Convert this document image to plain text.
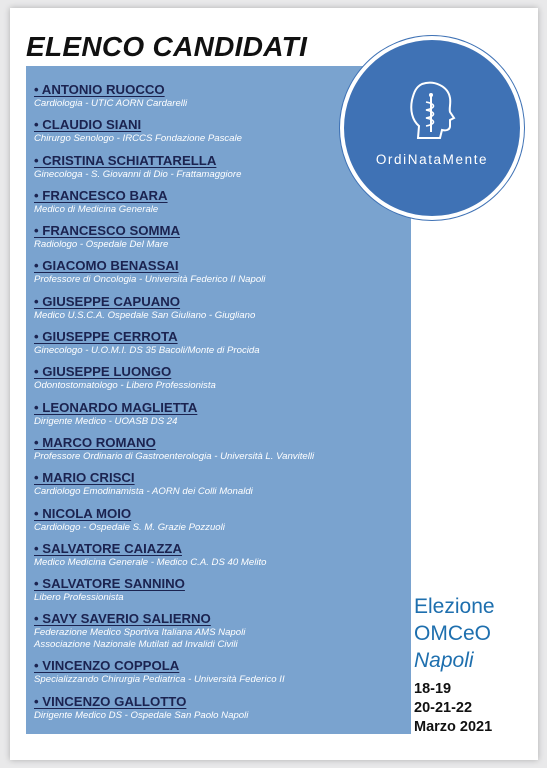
ELENCO CANDIDATI
• ANTONIO RUOCCO
Cardiologia - UTIC AORN Cardarelli
• CLAUDIO SIANI
Chirurgo Senologo - IRCCS Fondazione Pascale
• CRISTINA SCHIATTARELLA
Ginecologa - S. Giovanni di Dio - Frattamaggiore
• FRANCESCO BARA
Medico di Medicina Generale
• FRANCESCO SOMMA
Radiologo - Ospedale Del Mare
• GIACOMO BENASSAI
Professore di Oncologia - Università Federico II Napoli
• GIUSEPPE CAPUANO
Medico U.S.C.A. Ospedale San Giuliano - Giugliano
• GIUSEPPE CERROTA
Ginecologo - U.O.M.I. DS 35 Bacoli/Monte di Procida
• GIUSEPPE LUONGO
Odontostomatologo - Libero Professionista
• LEONARDO MAGLIETTA
Dirigente Medico - UOASB DS 24
• MARCO ROMANO
Professore Ordinario di Gastroenterologia - Università L. Vanvitelli
• MARIO CRISCI
Cardiologo Emodinamista - AORN dei Colli Monaldi
• NICOLA MOIO
Cardiologo - Ospedale S. M. Grazie Pozzuoli
• SALVATORE CAIAZZA
Medico Medicina Generale - Medico C.A. DS 40 Melito
• SALVATORE SANNINO
Libero Professionista
• SAVY SAVERIO SALIERNO
Federazione Medico Sportiva Italiana AMS Napoli
Associazione Nazionale Mutilati ad Invalidi Civili
• VINCENZO COPPOLA
Specializzando Chirurgia Pediatrica - Università Federico II
• VINCENZO GALLOTTO
Dirigente Medico DS - Ospedale San Paolo Napoli
OrdiNataMente
Elezione
OMCeO
Napoli
18-19
20-21-22
Marzo 2021
